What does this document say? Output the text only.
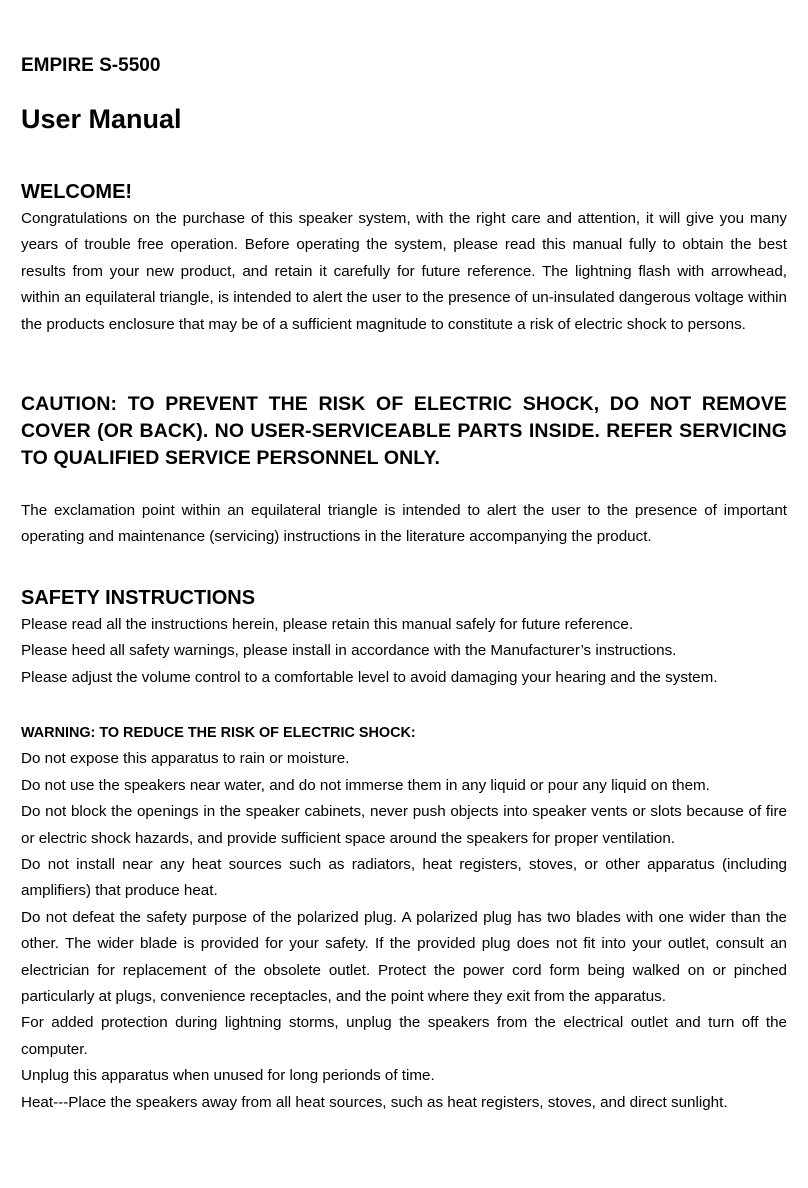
EMPIRE S-5500
User Manual
WELCOME!

Congratulations on the purchase of this speaker system, with the right care and attention, it will give you many years of trouble free operation. Before operating the system, please read this manual fully to obtain the best results from your new product, and retain it carefully for future reference. The lightning flash with arrowhead, within an equilateral triangle, is intended to alert the user to the presence of un-insulated dangerous voltage within the products enclosure that may be of a sufficient magnitude to constitute a risk of electric shock to persons.

CAUTION: TO PREVENT THE RISK OF ELECTRIC SHOCK, DO NOT REMOVE COVER (OR BACK). NO USER-SERVICEABLE PARTS INSIDE. REFER SERVICING TO QUALIFIED SERVICE PERSONNEL ONLY.

The exclamation point within an equilateral triangle is intended to alert the user to the presence of important operating and maintenance (servicing) instructions in the literature accompanying the product.

SAFETY INSTRUCTIONS

Please read all the instructions herein, please retain this manual safely for future reference.

Please heed all safety warnings, please install in accordance with the Manufacturer’s instructions.

Please adjust the volume control to a comfortable level to avoid damaging your hearing and the system.

WARNING: TO REDUCE THE RISK OF ELECTRIC SHOCK:

Do not expose this apparatus to rain or moisture.

Do not use the speakers near water, and do not immerse them in any liquid or pour any liquid on them.

Do not block the openings in the speaker cabinets, never push objects into speaker vents or slots because of fire or electric shock hazards, and provide sufficient space around the speakers for proper ventilation.

Do not install near any heat sources such as radiators, heat registers, stoves, or other apparatus (including amplifiers) that produce heat.

Do not defeat the safety purpose of the polarized plug. A polarized plug has two blades with one wider than the other. The wider blade is provided for your safety. If the provided plug does not fit into your outlet, consult an electrician for replacement of the obsolete outlet. Protect the power cord form being walked on or pinched particularly at plugs, convenience receptacles, and the point where they exit from the apparatus.

For added protection during lightning storms, unplug the speakers from the electrical outlet and turn off the computer.

Unplug this apparatus when unused for long perionds of time.

Heat---Place the speakers away from all heat sources, such as heat registers, stoves, and direct sunlight.
